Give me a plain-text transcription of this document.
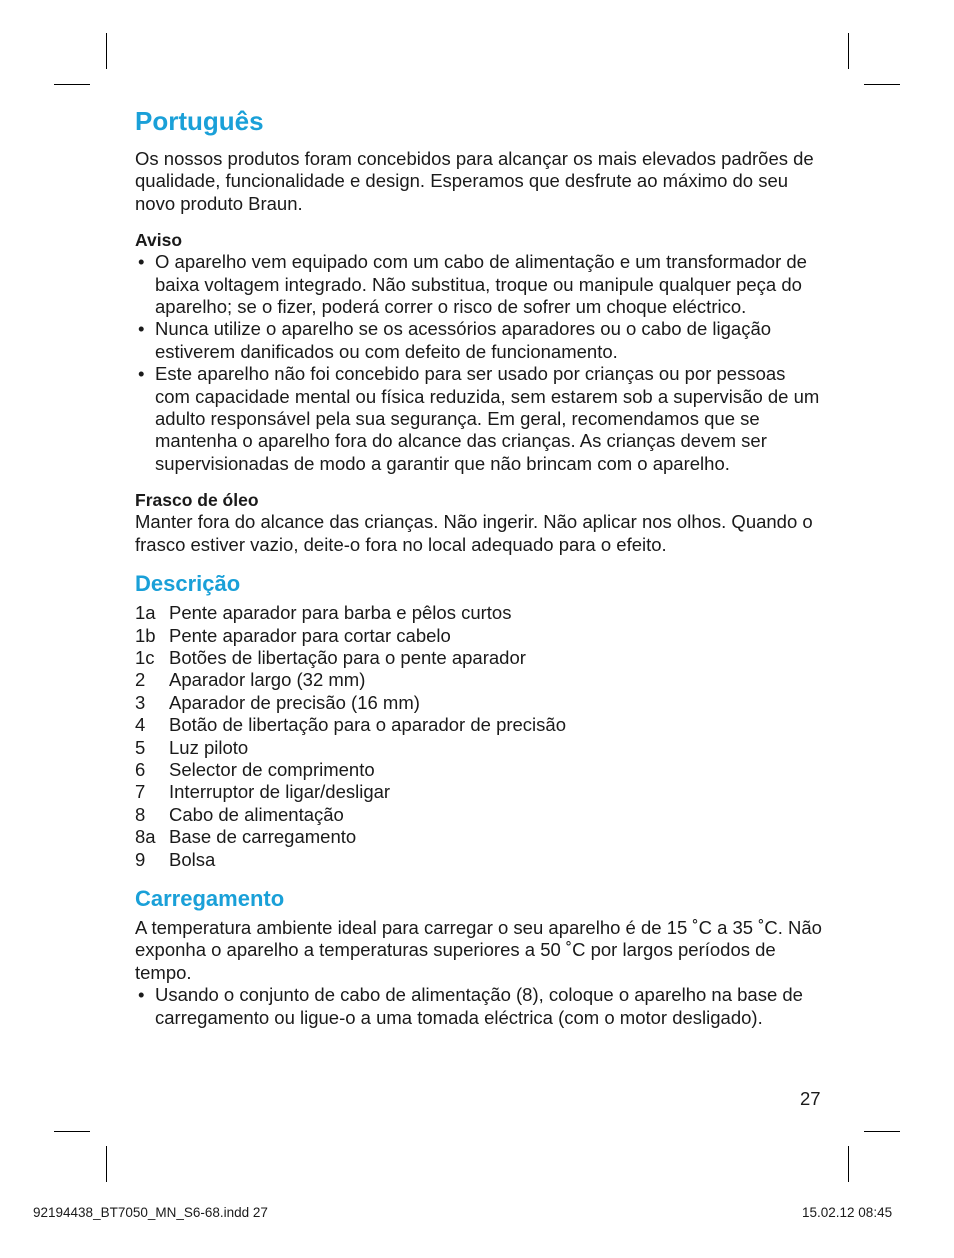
Português

Os nossos produtos foram concebidos para alcançar os mais elevados padrões de qualidade, funcionalidade e design. Esperamos que desfrute ao máximo do seu novo produto Braun.

Aviso
• O aparelho vem equipado com um cabo de alimentação e um transformador de baixa voltagem integrado. Não substitua, troque ou manipule qualquer peça do aparelho; se o fizer, poderá correr o risco de sofrer um choque eléctrico.
• Nunca utilize o aparelho se os acessórios aparadores ou o cabo de ligação estiverem danificados ou com defeito de funcionamento.
• Este aparelho não foi concebido para ser usado por crianças ou por pessoas com capacidade mental ou física reduzida, sem estarem sob a supervisão de um adulto responsável pela sua segurança. Em geral, recomendamos que se mantenha o aparelho fora do alcance das crianças. As crianças devem ser supervisionadas de modo a garantir que não brincam com o aparelho.
Frasco de óleo

Manter fora do alcance das crianças. Não ingerir. Não aplicar nos olhos. Quando o frasco estiver vazio, deite-o fora no local adequado para o efeito.

Descrição
1a Pente aparador para barba e pêlos curtos
1b Pente aparador para cortar cabelo
1c Botões de libertação para o pente aparador
2	Aparador largo (32 mm)
3	Aparador de precisão (16 mm)
4	Botão de libertação para o aparador de precisão
5	Luz piloto
6	Selector de comprimento
7	Interruptor de ligar/desligar
8	Cabo de alimentação
8a Base de carregamento
9	Bolsa
Carregamento

A temperatura ambiente ideal para carregar o seu aparelho é de 15 ˚C a 35 ˚C. Não exponha o aparelho a temperaturas superiores a 50 ˚C por largos períodos de tempo.

• Usando o conjunto de cabo de alimentação (8), coloque o aparelho na base de carregamento ou ligue-o a uma tomada eléctrica (com o motor desligado).
27
92194438_BT7050_MN_S6-68.indd 27	15.02.12 08:45
